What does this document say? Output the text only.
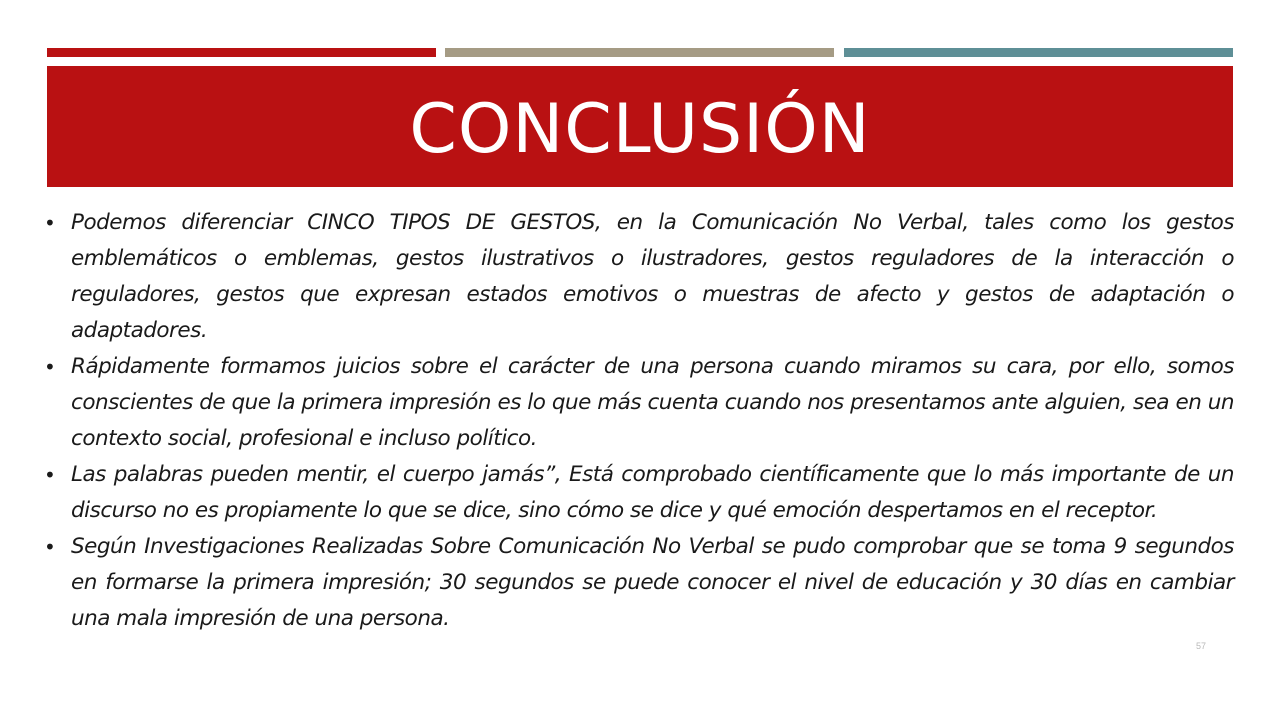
CONCLUSIÓN
• Podemos diferenciar CINCO TIPOS DE GESTOS, en la Comunicación No Verbal, tales como los gestos emblemáticos o emblemas, gestos ilustrativos o ilustradores, gestos reguladores de la interacción o reguladores, gestos que expresan estados emotivos o muestras de afecto y gestos de adaptación o adaptadores.
• Rápidamente formamos juicios sobre el carácter de una persona cuando miramos su cara, por ello, somos conscientes de que la primera impresión es lo que más cuenta cuando nos presentamos ante alguien, sea en un contexto social, profesional e incluso político.
• Las palabras pueden mentir, el cuerpo jamás”, Está comprobado científicamente que lo más importante de un discurso no es propiamente lo que se dice, sino cómo se dice y qué emoción despertamos en el receptor.
• Según Investigaciones Realizadas Sobre Comunicación No Verbal se pudo comprobar que se toma 9 segundos en formarse la primera impresión; 30 segundos se puede conocer el nivel de educación y 30 días en cambiar una mala impresión de una persona.
57
